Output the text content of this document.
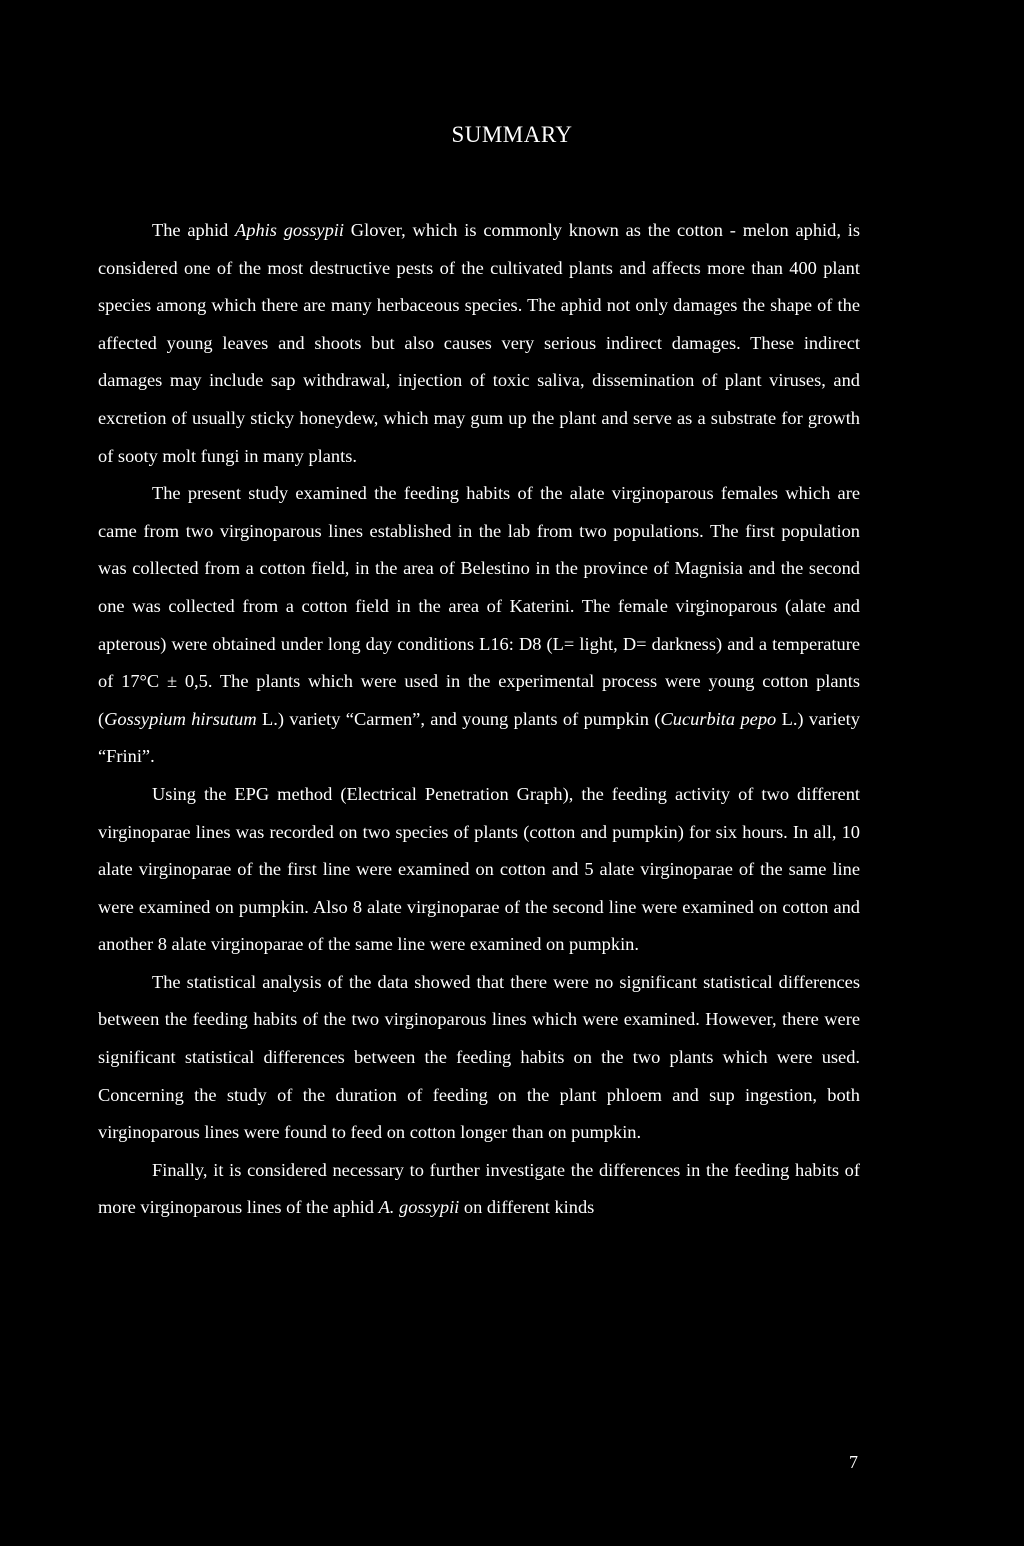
SUMMARY

The aphid Aphis gossypii Glover, which is commonly known as the cotton - melon aphid, is considered one of the most destructive pests of the cultivated plants and affects more than 400 plant species among which there are many herbaceous species. The aphid not only damages the shape of the affected young leaves and shoots but also causes very serious indirect damages. These indirect damages may include sap withdrawal, injection of toxic saliva, dissemination of plant viruses, and excretion of usually sticky honeydew, which may gum up the plant and serve as a substrate for growth of sooty molt fungi in many plants.

The present study examined the feeding habits of the alate virginoparous females which are came from two virginoparous lines established in the lab from two populations. The first population was collected from a cotton field, in the area of Belestino in the province of Magnisia and the second one was collected from a cotton field in the area of Katerini. The female virginoparous (alate and apterous) were obtained under long day conditions L16: D8 (L= light, D= darkness) and a temperature of 17°C ± 0,5. The plants which were used in the experimental process were young cotton plants (Gossypium hirsutum L.) variety “Carmen”, and young plants of pumpkin (Cucurbita pepo L.) variety “Frini”.

Using the EPG method (Electrical Penetration Graph), the feeding activity of two different virginoparae lines was recorded on two species of plants (cotton and pumpkin) for six hours. In all, 10 alate virginoparae of the first line were examined on cotton and 5 alate virginoparae of the same line were examined on pumpkin. Also 8 alate virginoparae of the second line were examined on cotton and another 8 alate virginoparae of the same line were examined on pumpkin.

The statistical analysis of the data showed that there were no significant statistical differences between the feeding habits of the two virginoparous lines which were examined. However, there were significant statistical differences between the feeding habits on the two plants which were used. Concerning the study of the duration of feeding on the plant phloem and sup ingestion, both virginoparous lines were found to feed on cotton longer than on pumpkin.

Finally, it is considered necessary to further investigate the differences in the feeding habits of more virginoparous lines of the aphid A. gossypii on different kinds

7
